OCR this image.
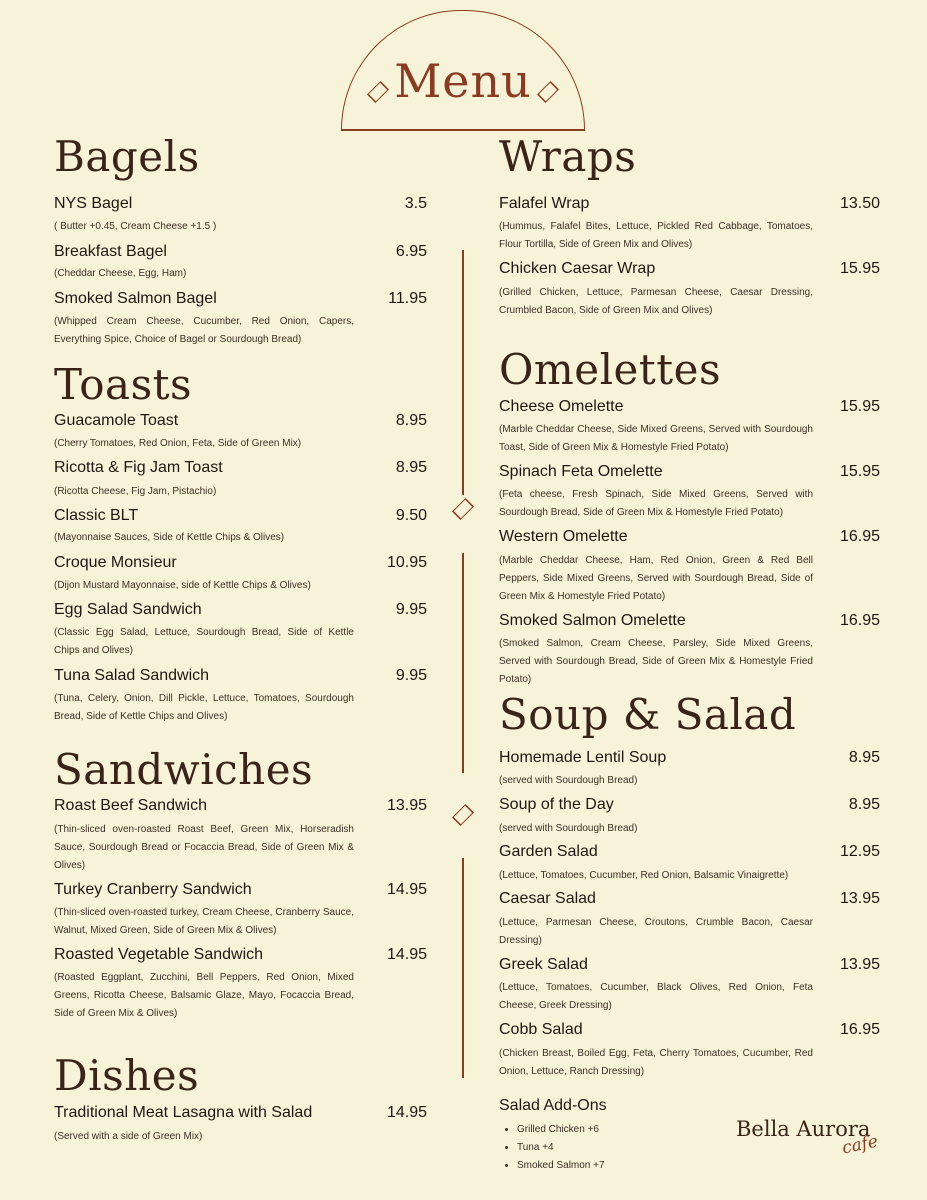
Menu
Bagels
NYS Bagel	3.5
( Butter +0.45, Cream Cheese +1.5 )
Breakfast Bagel	6.95
(Cheddar Cheese, Egg, Ham)
Smoked Salmon Bagel	11.95
(Whipped Cream Cheese, Cucumber, Red Onion, Capers, Everything Spice, Choice of Bagel or Sourdough Bread)
Toasts
Guacamole Toast	8.95
(Cherry Tomatoes, Red Onion, Feta, Side of Green Mix)
Ricotta & Fig Jam Toast	8.95
(Ricotta Cheese, Fig Jam, Pistachio)
Classic BLT	9.50
(Mayonnaise Sauces, Side of Kettle Chips & Olives)
Croque Monsieur	10.95
(Dijon Mustard Mayonnaise, side of Kettle Chips & Olives)
Egg Salad Sandwich	9.95
(Classic Egg Salad, Lettuce, Sourdough Bread, Side of Kettle Chips and Olives)
Tuna Salad Sandwich	9.95
(Tuna, Celery, Onion, Dill Pickle, Lettuce, Tomatoes, Sourdough Bread, Side of Kettle Chips and Olives)
Sandwiches
Roast Beef Sandwich	13.95
(Thin-sliced oven-roasted Roast Beef, Green Mix, Horseradish Sauce, Sourdough Bread or Focaccia Bread, Side of Green Mix & Olives)
Turkey Cranberry Sandwich	14.95
(Thin-sliced oven-roasted turkey, Cream Cheese, Cranberry Sauce, Walnut, Mixed Green, Side of Green Mix & Olives)
Roasted Vegetable Sandwich	14.95
(Roasted Eggplant, Zucchini, Bell Peppers, Red Onion, Mixed Greens, Ricotta Cheese, Balsamic Glaze, Mayo, Focaccia Bread, Side of Green Mix & Olives)
Dishes
Traditional Meat Lasagna with Salad	14.95
(Served with a side of Green Mix)
Wraps
Falafel Wrap	13.50
(Hummus, Falafel Bites, Lettuce, Pickled Red Cabbage, Tomatoes, Flour Tortilla, Side of Green Mix and Olives)
Chicken Caesar Wrap	15.95
(Grilled Chicken, Lettuce, Parmesan Cheese, Caesar Dressing, Crumbled Bacon, Side of Green Mix and Olives)
Omelettes
Cheese Omelette	15.95
(Marble Cheddar Cheese, Side Mixed Greens, Served with Sourdough Toast, Side of Green Mix & Homestyle Fried Potato)
Spinach Feta Omelette	15.95
(Feta cheese, Fresh Spinach, Side Mixed Greens, Served with Sourdough Bread, Side of Green Mix & Homestyle Fried Potato)
Western Omelette	16.95
(Marble Cheddar Cheese, Ham, Red Onion, Green & Red Bell Peppers, Side Mixed Greens, Served with Sourdough Bread, Side of Green Mix & Homestyle Fried Potato)
Smoked Salmon Omelette	16.95
(Smoked Salmon, Cream Cheese, Parsley, Side Mixed Greens, Served with Sourdough Bread, Side of Green Mix & Homestyle Fried Potato)
Soup & Salad
Homemade Lentil Soup	8.95
(served with Sourdough Bread)
Soup of the Day	8.95
(served with Sourdough Bread)
Garden Salad	12.95
(Lettuce, Tomatoes, Cucumber, Red Onion, Balsamic Vinaigrette)
Caesar Salad	13.95
(Lettuce, Parmesan Cheese, Croutons, Crumble Bacon, Caesar Dressing)
Greek Salad	13.95
(Lettuce, Tomatoes, Cucumber, Black Olives, Red Onion, Feta Cheese, Greek Dressing)
Cobb Salad	16.95
(Chicken Breast, Boiled Egg, Feta, Cherry Tomatoes, Cucumber, Red Onion, Lettuce, Ranch Dressing)
Salad Add-Ons
• Grilled Chicken +6
• Tuna +4
• Smoked Salmon +7
Bella Aurora
cafe
